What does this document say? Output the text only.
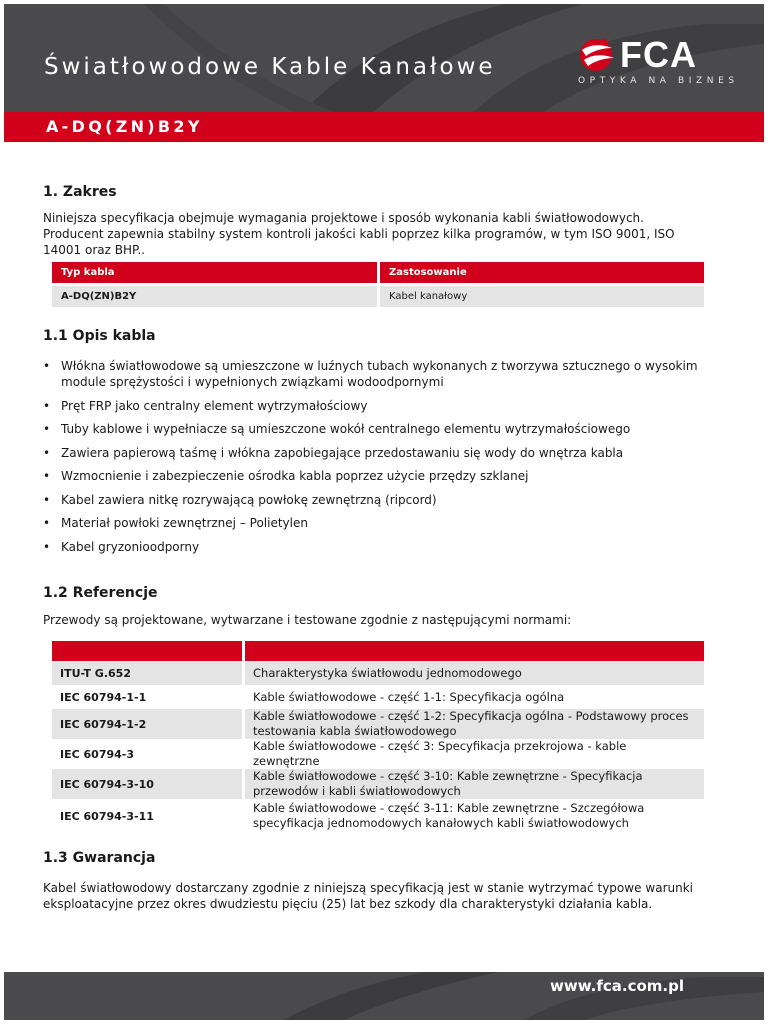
Światłowodowe Kable Kanałowe	FCA
OPTYKA NA BIZNES
A-DQ(ZN)B2Y
1. Zakres

Niniejsza specyfikacja obejmuje wymagania projektowe i sposób wykonania kabli światłowodowych. Producent zapewnia stabilny system kontroli jakości kabli poprzez kilka programów, w tym ISO 9001, ISO 14001 oraz BHP..

Typ kabla	Zastosowanie
A-DQ(ZN)B2Y	Kabel kanałowy
1.1 Opis kabla
• Włókna światłowodowe są umieszczone w luźnych tubach wykonanych z tworzywa sztucznego o wysokim module sprężystości i wypełnionych związkami wodoodpornymi
• Pręt FRP jako centralny element wytrzymałościowy
• Tuby kablowe i wypełniacze są umieszczone wokół centralnego elementu wytrzymałościowego
• Zawiera papierową taśmę i włókna zapobiegające przedostawaniu się wody do wnętrza kabla
• Wzmocnienie i zabezpieczenie ośrodka kabla poprzez użycie przędzy szklanej
• Kabel zawiera nitkę rozrywającą powłokę zewnętrzną (ripcord)
• Materiał powłoki zewnętrznej – Polietylen
• Kabel gryzonioodporny
1.2 Referencje

Przewody są projektowane, wytwarzane i testowane zgodnie z następującymi normami:

ITU-T G.652	Charakterystyka światłowodu jednomodowego
IEC 60794-1-1	Kable światłowodowe - część 1-1: Specyfikacja ogólna
IEC 60794-1-2	Kable światłowodowe - część 1-2: Specyfikacja ogólna - Podstawowy proces testowania kabla światłowodowego
IEC 60794-3	Kable światłowodowe - część 3: Specyfikacja przekrojowa - kable zewnętrzne
IEC 60794-3-10	Kable światłowodowe - część 3-10: Kable zewnętrzne - Specyfikacja przewodów i kabli światłowodowych
IEC 60794-3-11	Kable światłowodowe - część 3-11: Kable zewnętrzne - Szczegółowa specyfikacja jednomodowych kanałowych kabli światłowodowych
1.3 Gwarancja

Kabel światłowodowy dostarczany zgodnie z niniejszą specyfikacją jest w stanie wytrzymać typowe warunki eksploatacyjne przez okres dwudziestu pięciu (25) lat bez szkody dla charakterystyki działania kabla.

www.fca.com.pl
